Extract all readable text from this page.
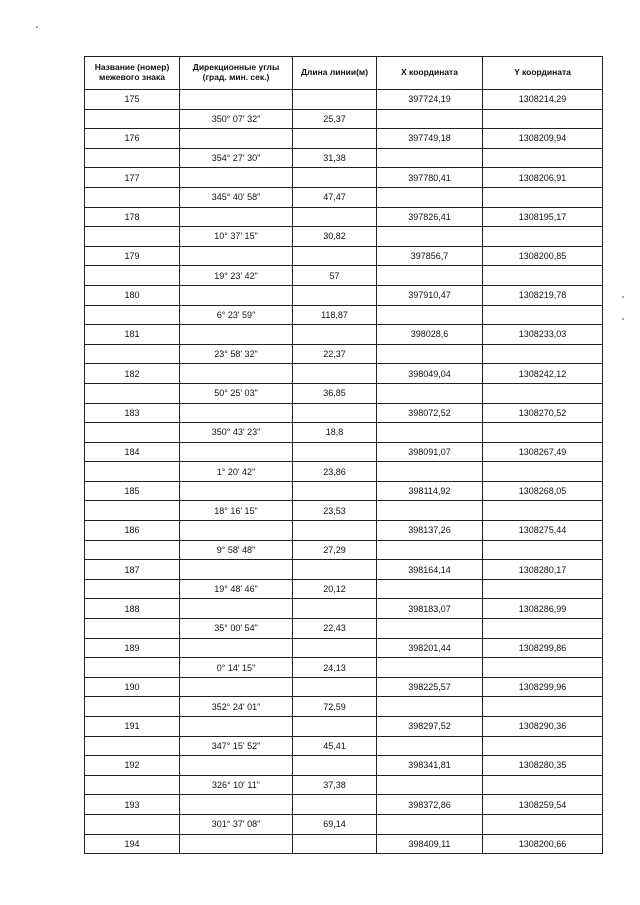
Название (номер)
межевого знака	Дирекционные углы
(град. мин. сек.)	Длина линии(м)	X координата	Y координата

175			397724,19	1308214,29
	350° 07' 32"	25,37		
176			397749,18	1308209,94
	354° 27' 30"	31,38		
177			397780,41	1308206,91
	345° 40' 58"	47,47		
178			397826,41	1308195,17
	10° 37' 15"	30,82		
179			397856,7	1308200,85
	19° 23' 42"	57		
180			397910,47	1308219,78
	6° 23' 59"	118,87		
181			398028,6	1308233,03
	23° 58' 32"	22,37		
182			398049,04	1308242,12
	50° 25' 03"	36,85		
183			398072,52	1308270,52
	350° 43' 23"	18,8		
184			398091,07	1308267,49
	1° 20' 42"	23,86		
185			398114,92	1308268,05
	18° 16' 15"	23,53		
186			398137,26	1308275,44
	9° 58' 48"	27,29		
187			398164,14	1308280,17
	19° 48' 46"	20,12		
188			398183,07	1308286,99
	35° 00' 54"	22,43		
189			398201,44	1308299,86
	0° 14' 15"	24,13		
190			398225,57	1308299,96
	352° 24' 01"	72,59		
191			398297,52	1308290,36
	347° 15' 52"	45,41		
192			398341,81	1308280,35
	326° 10' 11"	37,38		
193			398372,86	1308259,54
	301° 37' 08"	69,14		
194			398409,11	1308200,66
